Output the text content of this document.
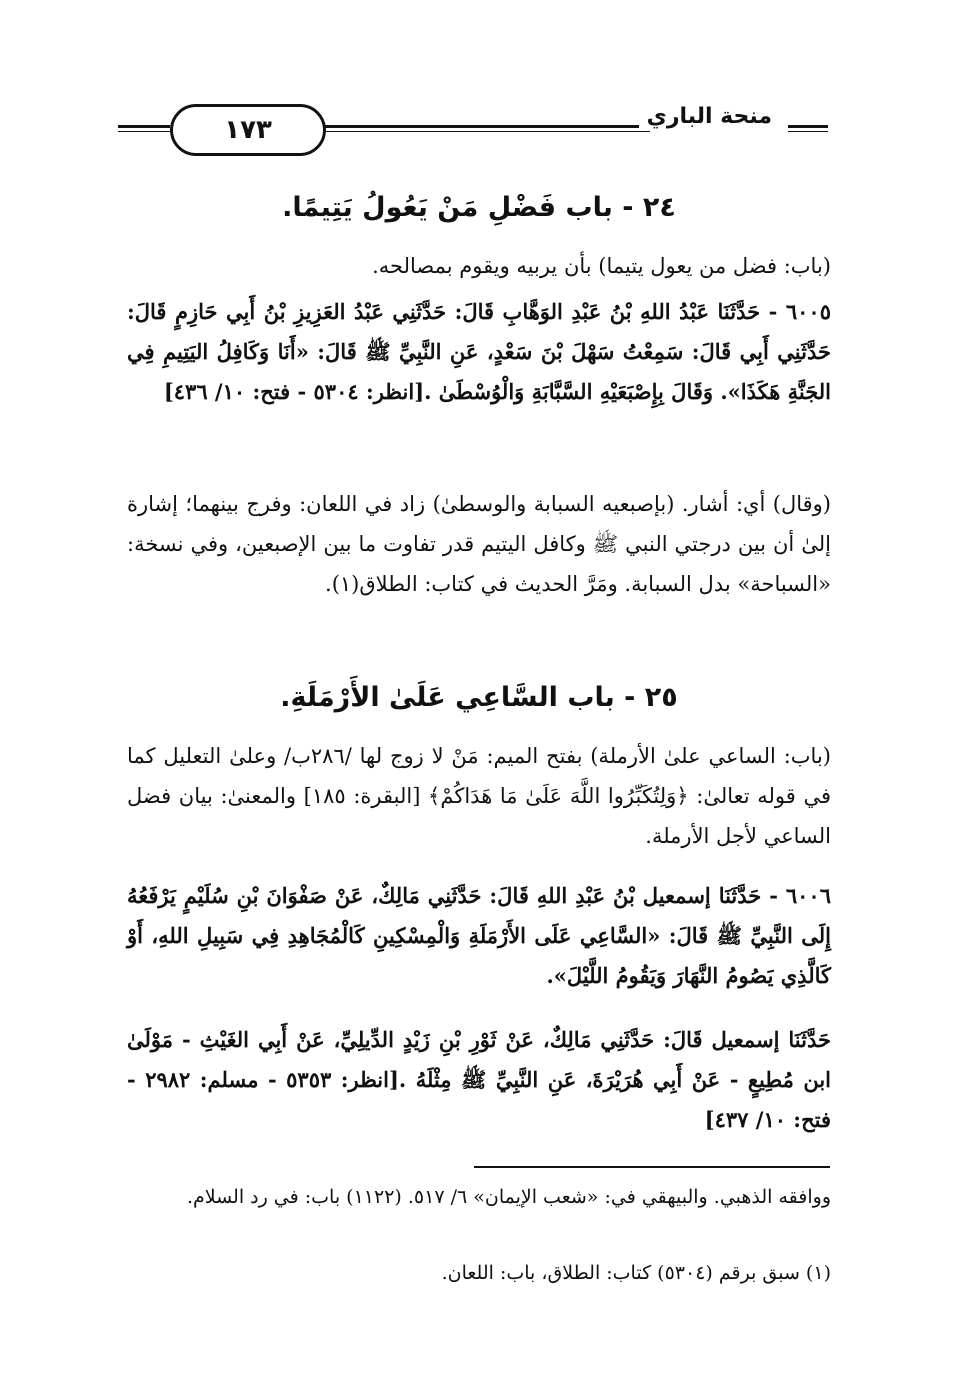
١٧٣	منحة الباري
٢٤ - باب فَضْلِ مَنْ يَعُولُ يَتِيمًا.
(باب: فضل من يعول يتيما) بأن يربيه ويقوم بمصالحه.
٦٠٠٥ - حَدَّثَنَا عَبْدُ اللهِ بْنُ عَبْدِ الوَهَّابِ قَالَ: حَدَّثَنِي عَبْدُ العَزِيزِ بْنُ أَبِي حَازِمٍ قَالَ: حَدَّثَنِي أَبِي قَالَ: سَمِعْتُ سَهْلَ بْنَ سَعْدٍ، عَنِ النَّبِيِّ ﷺ قَالَ: «أَنَا وَكَافِلُ اليَتِيمِ فِي الجَنَّةِ هَكَذَا». وَقَالَ بِإِصْبَعَيْهِ السَّبَّابَةِ وَالْوُسْطَىٰ .[انظر: ٥٣٠٤ - فتح: ١٠/ ٤٣٦]
(وقال) أي: أشار. (بإصبعيه السبابة والوسطىٰ) زاد في اللعان: وفرج بينهما؛ إشارة إلىٰ أن بين درجتي النبي ﷺ وكافل اليتيم قدر تفاوت ما بين الإصبعين، وفي نسخة: «السباحة» بدل السبابة. ومَرَّ الحديث في كتاب: الطلاق(١).
٢٥ - باب السَّاعِي عَلَىٰ الأَرْمَلَةِ.
(باب: الساعي علىٰ الأرملة) بفتح الميم: مَنْ لا زوج لها /٢٨٦ب/ وعلىٰ التعليل كما في قوله تعالىٰ: ﴿وَلِتُكَبِّرُوا اللَّهَ عَلَىٰ مَا هَدَاكُمْ﴾ [البقرة: ١٨٥] والمعنىٰ: بيان فضل الساعي لأجل الأرملة.
٦٠٠٦ - حَدَّثَنَا إسمعيل بْنُ عَبْدِ اللهِ قَالَ: حَدَّثَنِي مَالِكٌ، عَنْ صَفْوَانَ بْنِ سُلَيْمٍ يَرْفَعُهُ إِلَى النَّبِيِّ ﷺ قَالَ: «السَّاعِي عَلَى الأَرْمَلَةِ وَالْمِسْكِينِ كَالْمُجَاهِدِ فِي سَبِيلِ اللهِ، أَوْ كَالَّذِي يَصُومُ النَّهَارَ وَيَقُومُ اللَّيْلَ».
حَدَّثَنَا إسمعيل قَالَ: حَدَّثَنِي مَالِكٌ، عَنْ ثَوْرِ بْنِ زَيْدٍ الدِّيلِيِّ، عَنْ أَبِي الغَيْثِ - مَوْلَىٰ ابن مُطِيعٍ - عَنْ أَبِي هُرَيْرَةَ، عَنِ النَّبِيِّ ﷺ مِثْلَهُ .[انظر: ٥٣٥٣ - مسلم: ٢٩٨٢ - فتح: ١٠/ ٤٣٧]
ووافقه الذهبي. والبيهقي في: «شعب الإيمان» ٦/ ٥١٧. (١١٢٢) باب: في رد السلام.
(١) سبق برقم (٥٣٠٤) كتاب: الطلاق، باب: اللعان.
